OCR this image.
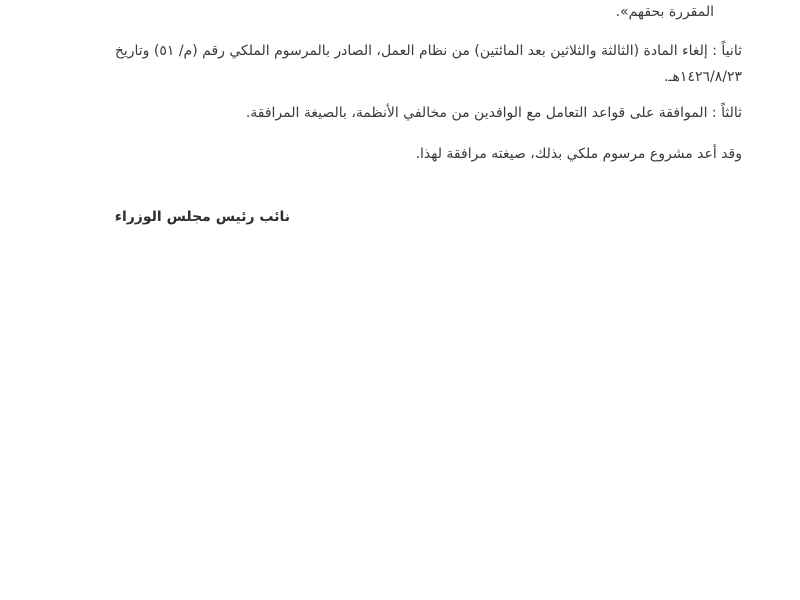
المقررة بحقهم».

ثانياً : إلغاء المادة (الثالثة والثلاثين بعد المائتين) من نظام العمل، الصادر بالمرسوم الملكي رقم (م/ ٥١) وتاريخ ١٤٢٦/٨/٢٣هـ.

ثالثاً : الموافقة على قواعد التعامل مع الوافدين من مخالفي الأنظمة، بالصيغة المرافقة.

وقد أعد مشروع مرسوم ملكي بذلك، صيغته مرافقة لهذا.

نائب رئيس مجلس الوزراء
